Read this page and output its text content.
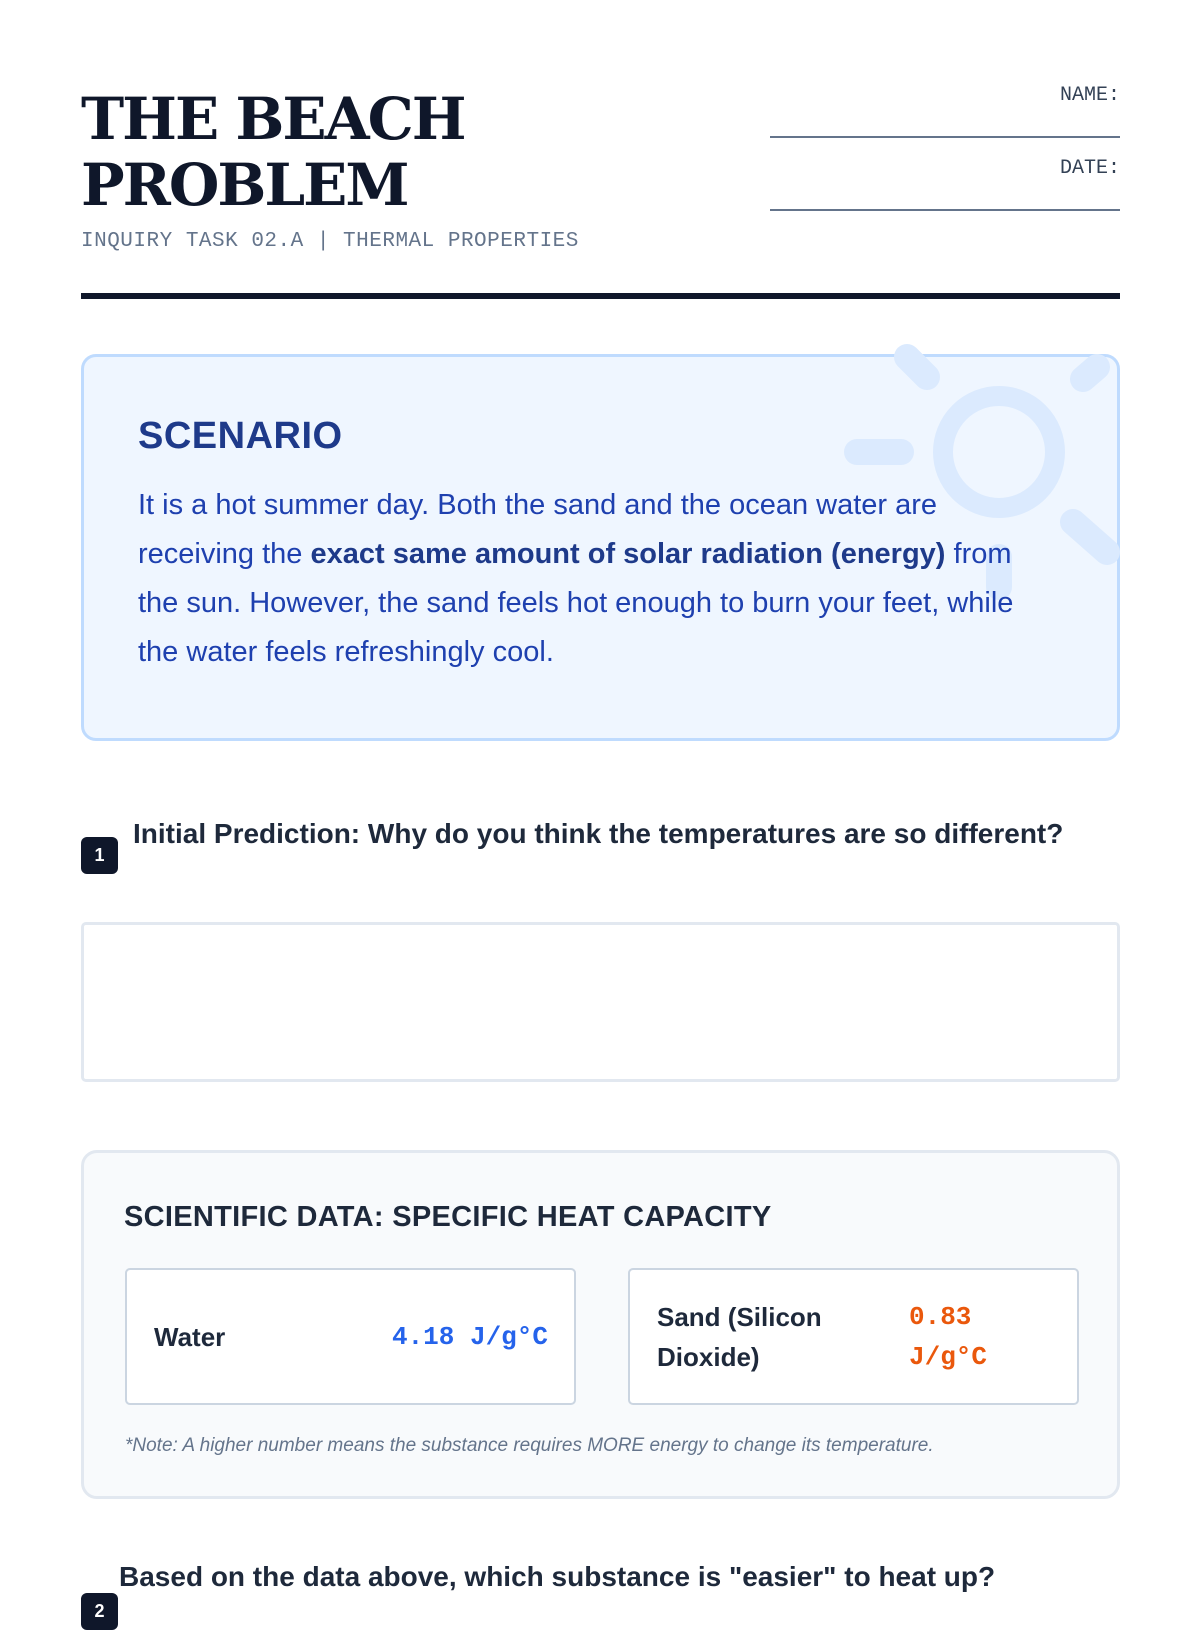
THE BEACH
PROBLEM
INQUIRY TASK 02.A | THERMAL PROPERTIES
NAME:
DATE:
SCENARIO

It is a hot summer day. Both the sand and the ocean water are receiving the exact same amount of solar radiation (energy) from the sun. However, the sand feels hot enough to burn your feet, while the water feels refreshingly cool.

1
Initial Prediction: Why do you think the temperatures are so different?
SCIENTIFIC DATA: SPECIFIC HEAT CAPACITY
Water	4.18 J/g°C
Sand (Silicon Dioxide)
0.83 J/g°C

*Note: A higher number means the substance requires MORE energy to change its temperature.

2
Based on the data above, which substance is "easier" to heat up?
